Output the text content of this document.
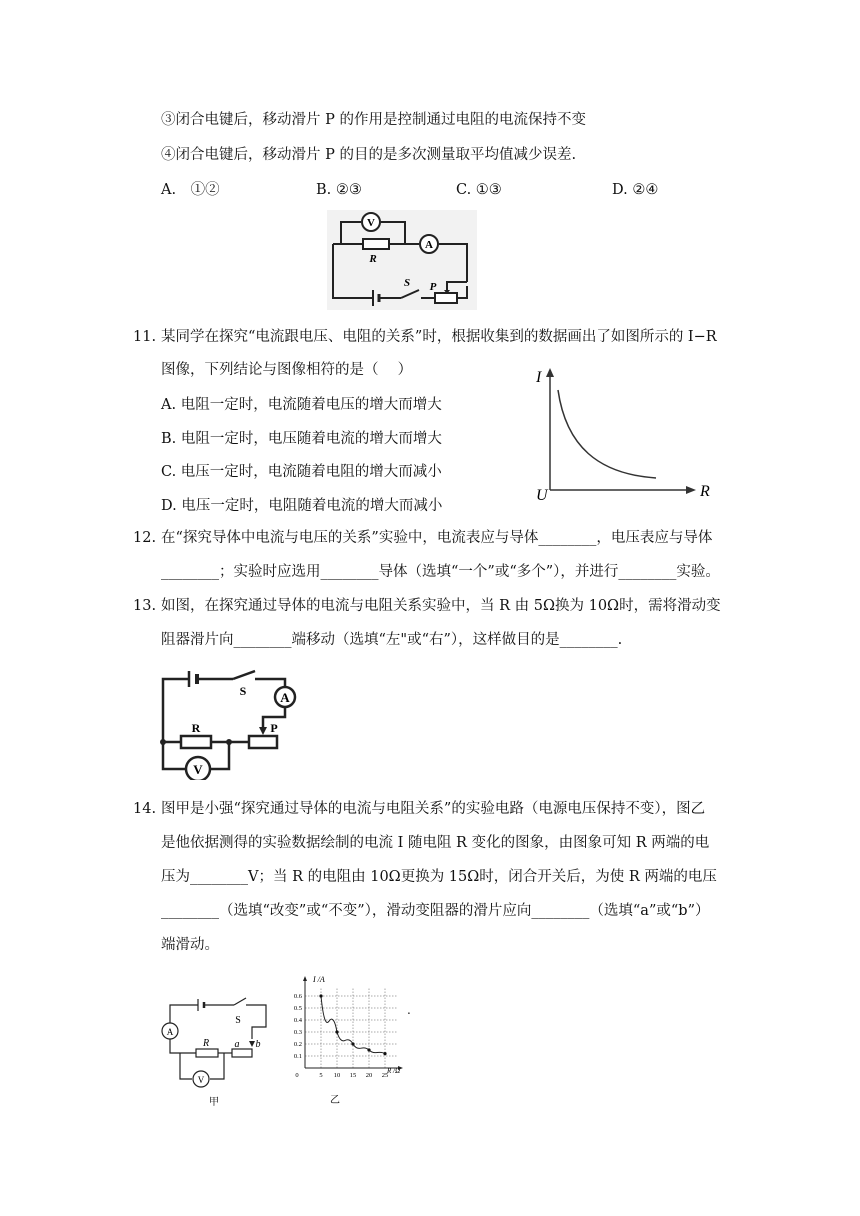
③闭合电键后，移动滑片 P 的作用是控制通过电阻的电流保持不变
④闭合电键后，移动滑片 P 的目的是多次测量取平均值减少误差.
A.　①②	B. ②③	C. ①③	D. ②④
V
A
R
S P
11. 某同学在探究“电流跟电压、电阻的关系”时，根据收集到的数据画出了如图所示的 I−R
图像，下列结论与图像相符的是（　 ）
A. 电阻一定时，电流随着电压的增大而增大
B. 电阻一定时，电压随着电流的增大而增大
C. 电压一定时，电流随着电阻的增大而减小
D. 电压一定时，电阻随着电流的增大而减小
I
R
U
12. 在“探究导体中电流与电压的关系”实验中，电流表应与导体________，电压表应与导体
________；实验时应选用________导体（选填“一个”或“多个”），并进行________实验。
13. 如图，在探究通过导体的电流与电阻关系实验中，当 R 由 5Ω换为 10Ω时，需将滑动变
阻器滑片向________端移动（选填“左"或“右”），这样做目的是________.
S	A
R	P
V
14. 图甲是小强“探究通过导体的电流与电阻关系”的实验电路（电源电压保持不变），图乙
是他依据测得的实验数据绘制的电流 I 随电阻 R 变化的图象，由图象可知 R 两端的电
压为________V；当 R 的电阻由 10Ω更换为 15Ω时，闭合开关后，为使 R 两端的电压
________（选填“改变”或“不变”），滑动变阻器的滑片应向________（选填“a”或“b”）
端滑动。
A
S
R	a b
V
甲
0	5 10 15 20 25
0.1
0.2
0.3
0.4
0.5
0.6
I /A
R /Ω
乙
.
